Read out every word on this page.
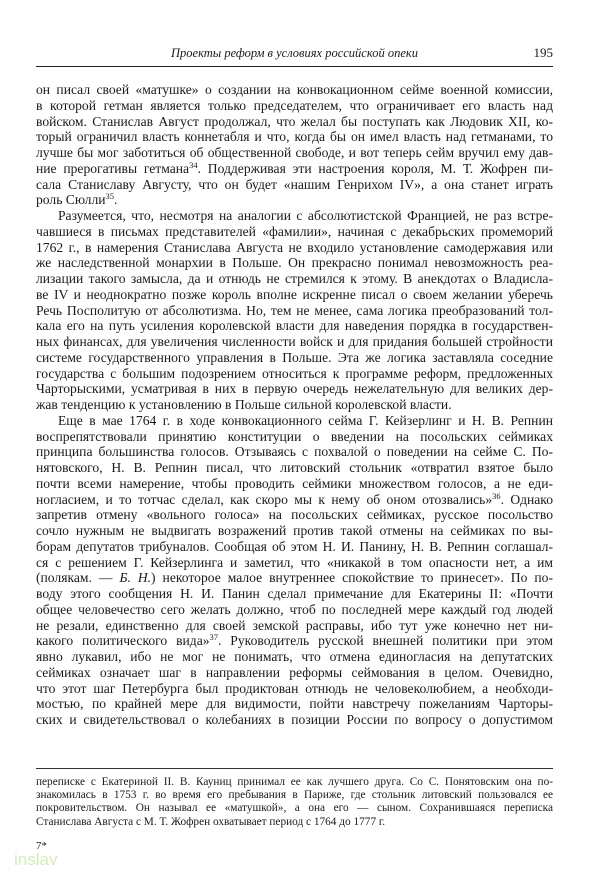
Проекты реформ в условиях российской опеки	195
он писал своей «матушке» о создании на конвокационном сейме военной комиссии,
в которой гетман является только председателем, что ограничивает его власть над
войском. Станислав Август продолжал, что желал бы поступать как Людовик XII, ко-
торый ограничил власть коннетабля и что, когда бы он имел власть над гетманами, то
лучше бы мог заботиться об общественной свободе, и вот теперь сейм вручил ему дав-
ние прерогативы гетмана$^{34}$. Поддерживая эти настроения короля, М. Т. Жофрен пи-
сала Станиславу Августу, что он будет «нашим Генрихом IV», а она станет играть
роль Сюлли$^{35}$.
Разумеется, что, несмотря на аналогии с абсолютистской Францией, не раз встре-
чавшиеся в письмах представителей «фамилии», начиная с декабрьских промеморий
1762 г., в намерения Станислава Августа не входило установление самодержавия или
же наследственной монархии в Польше. Он прекрасно понимал невозможность реа-
лизации такого замысла, да и отнюдь не стремился к этому. В анекдотах о Владисла-
ве IV и неоднократно позже король вполне искренне писал о своем желании уберечь
Речь Посполитую от абсолютизма. Но, тем не менее, сама логика преобразований тол-
кала его на путь усиления королевской власти для наведения порядка в государствен-
ных финансах, для увеличения численности войск и для придания большей стройности
системе государственного управления в Польше. Эта же логика заставляла соседние
государства с большим подозрением относиться к программе реформ, предложенных
Чарторыскими, усматривая в них в первую очередь нежелательную для великих дер-
жав тенденцию к установлению в Польше сильной королевской власти.
Еще в мае 1764 г. в ходе конвокационного сейма Г. Кейзерлинг и Н. В. Репнин
воспрепятствовали принятию конституции о введении на посольских сеймиках
принципа большинства голосов. Отзываясь с похвалой о поведении на сейме С. По-
нятовского, Н. В. Репнин писал, что литовский стольник «отвратил взятое было
почти всеми намерение, чтобы проводить сеймики множеством голосов, а не еди-
ногласием, и то тотчас сделал, как скоро мы к нему об оном отозвались»$^{36}$. Однако
запретив отмену «вольного голоса» на посольских сеймиках, русское посольство
сочло нужным не выдвигать возражений против такой отмены на сеймиках по вы-
борам депутатов трибуналов. Сообщая об этом Н. И. Панину, Н. В. Репнин соглашал-
ся с решением Г. Кейзерлинга и заметил, что «никакой в том опасности нет, а им
(полякам. — Б. Н.) некоторое малое внутреннее спокойствие то принесет». По по-
воду этого сообщения Н. И. Панин сделал примечание для Екатерины II: «Почти
общее человечество сего желать должно, чтоб по последней мере каждый год людей
не резали, единственно для своей земской расправы, ибо тут уже конечно нет ни-
какого политического вида»$^{37}$. Руководитель русской внешней политики при этом
явно лукавил, ибо не мог не понимать, что отмена единогласия на депутатских
сеймиках означает шаг в направлении реформы сеймования в целом. Очевидно,
что этот шаг Петербурга был продиктован отнюдь не человеколюбием, а необходи-
мостью, по крайней мере для видимости, пойти навстречу пожеланиям Чарторы-
ских и свидетельствовал о колебаниях в позиции России по вопросу о допустимом
переписке с Екатериной II. В. Кауниц принимал ее как лучшего друга. Со С. Понятовским она по-
знакомилась в 1753 г. во время его пребывания в Париже, где стольник литовский пользовался ее
покровительством. Он называл ее «матушкой», а она его — сыном. Сохранившаяся переписка
Станислава Августа с М. Т. Жофрен охватывает период с 1764 до 1777 г.
7*
inslav
